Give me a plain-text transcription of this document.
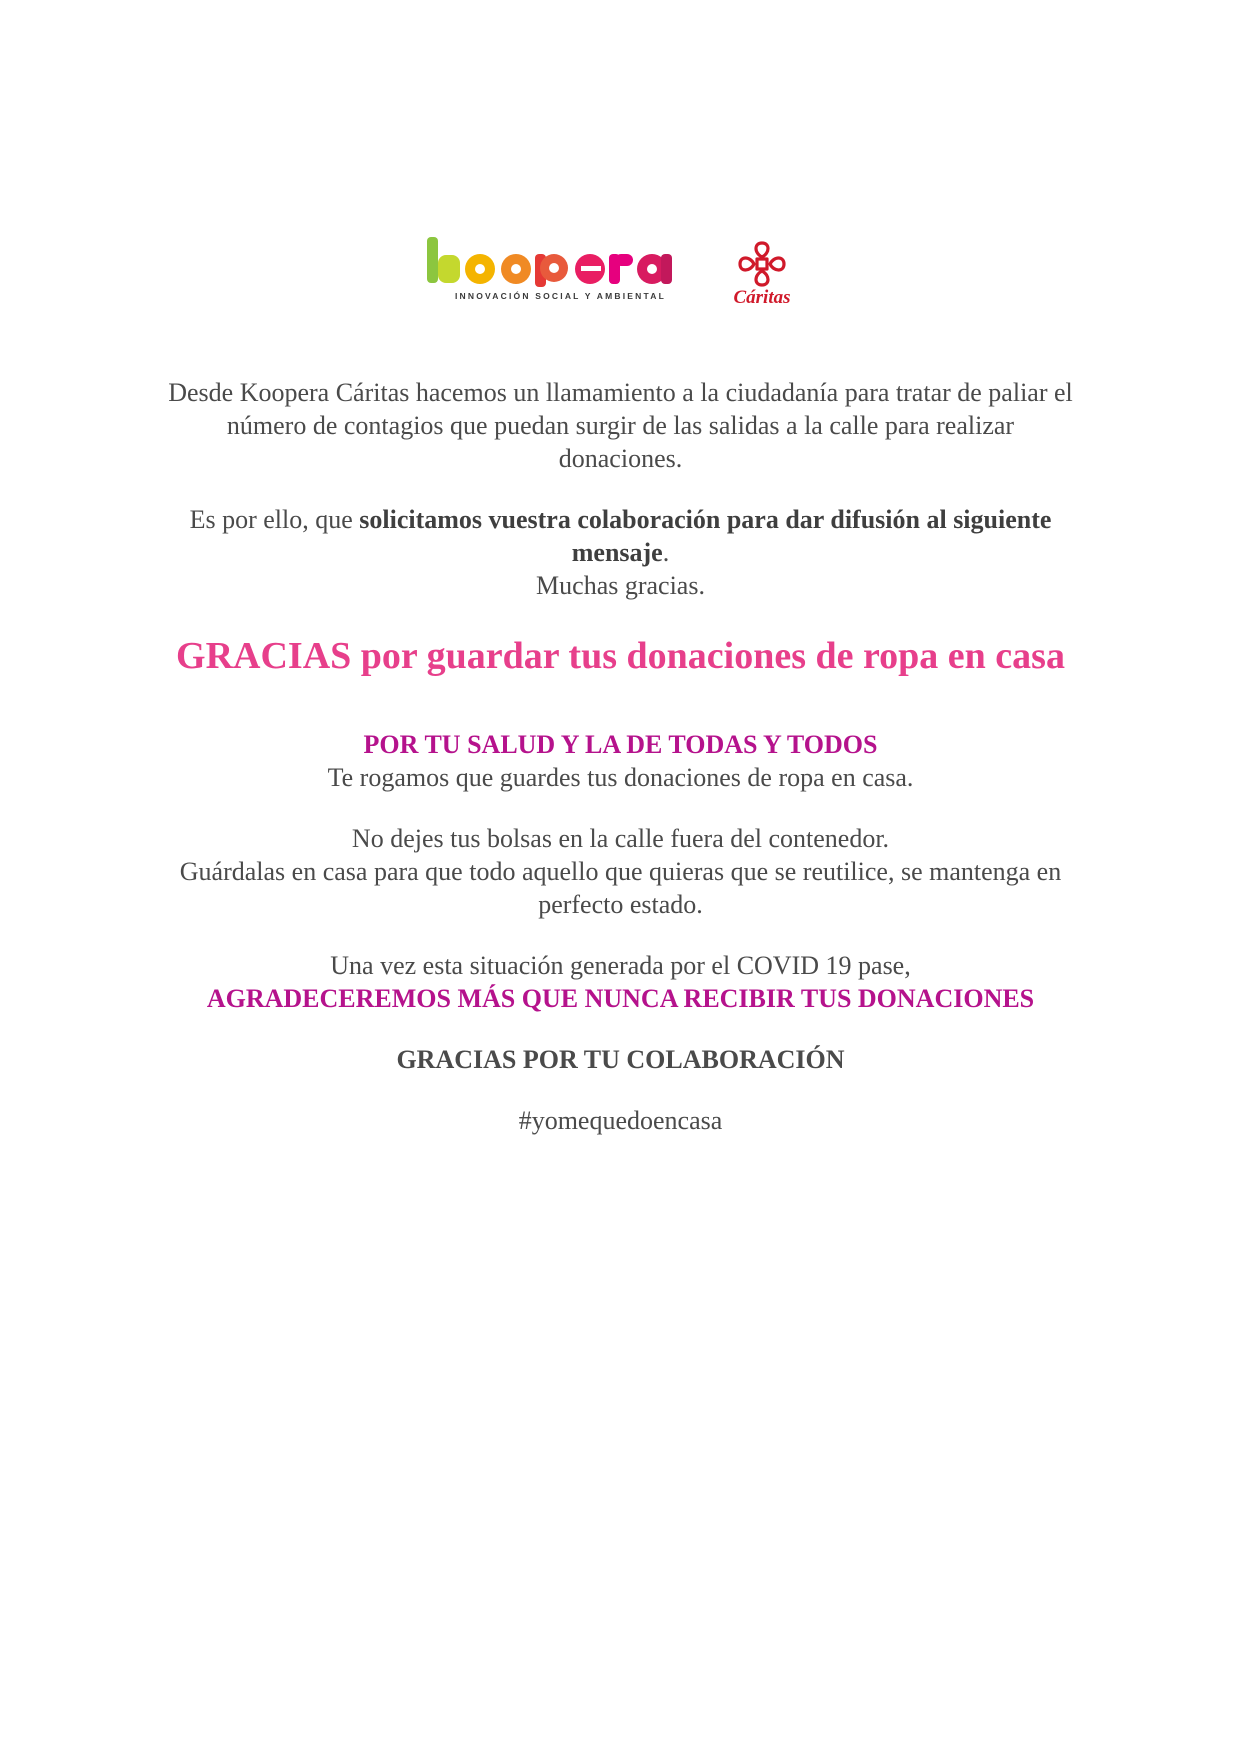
INNOVACIÓN SOCIAL Y AMBIENTAL	Cáritas

Desde Koopera Cáritas hacemos un llamamiento a la ciudadanía para tratar de paliar el número de contagios que puedan surgir de las salidas a la calle para realizar donaciones.

Es por ello, que solicitamos vuestra colaboración para dar difusión al siguiente mensaje.

Muchas gracias.

GRACIAS por guardar tus donaciones de ropa en casa

POR TU SALUD Y LA DE TODAS Y TODOS

Te rogamos que guardes tus donaciones de ropa en casa.

No dejes tus bolsas en la calle fuera del contenedor.

Guárdalas en casa para que todo aquello que quieras que se reutilice, se mantenga en perfecto estado.

Una vez esta situación generada por el COVID 19 pase,

AGRADECEREMOS MÁS QUE NUNCA RECIBIR TUS DONACIONES

GRACIAS POR TU COLABORACIÓN

#yomequedoencasa
